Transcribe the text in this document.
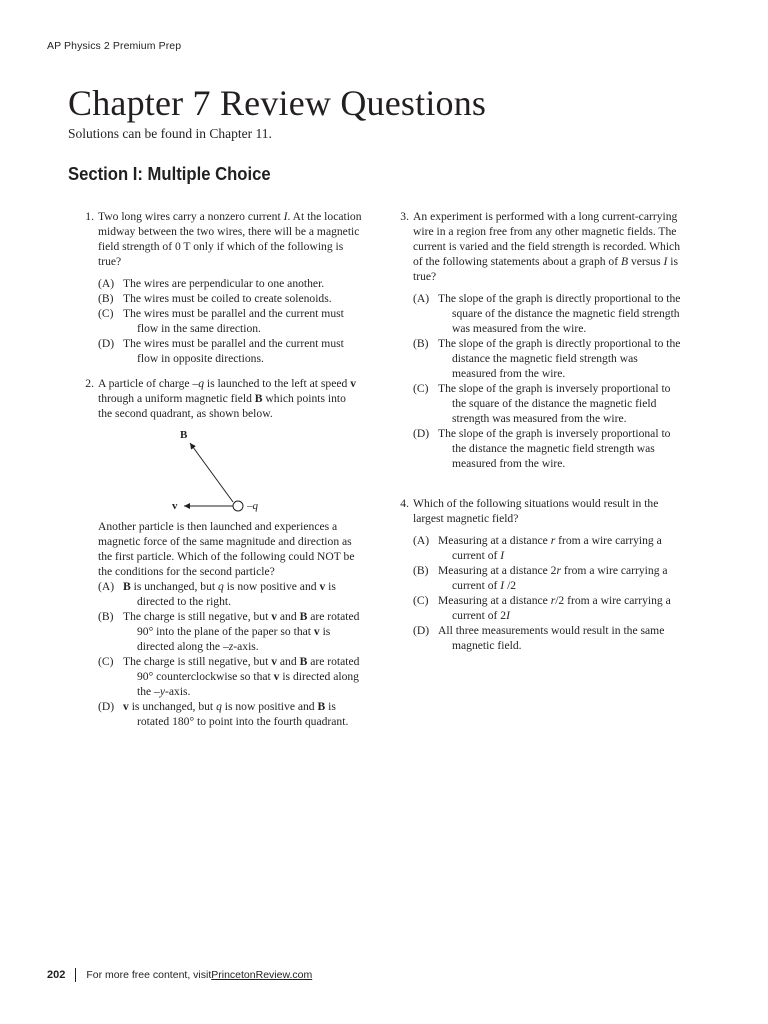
AP Physics 2 Premium Prep
Chapter 7 Review Questions
Solutions can be found in Chapter 11.
Section I: Multiple Choice
1. Two long wires carry a nonzero current I. At the location midway between the two wires, there will be a magnetic field strength of 0 T only if which of the following is true?
(A) The wires are perpendicular to one another.
(B) The wires must be coiled to create solenoids.
(C) The wires must be parallel and the current must flow in the same direction.
(D) The wires must be parallel and the current must flow in opposite directions.
2. A particle of charge –q is launched to the left at speed v through a uniform magnetic field B which points into the second quadrant, as shown below.
B
v	–q
Another particle is then launched and experiences a magnetic force of the same magnitude and direction as the first particle. Which of the following could NOT be the conditions for the second particle?
(A) B is unchanged, but q is now positive and v is directed to the right.
(B) The charge is still negative, but v and B are rotated 90° into the plane of the paper so that v is directed along the –z-axis.
(C) The charge is still negative, but v and B are rotated 90° counterclockwise so that v is directed along the –y-axis.
(D) v is unchanged, but q is now positive and B is rotated 180° to point into the fourth quadrant.
3. An experiment is performed with a long current-carrying wire in a region free from any other magnetic fields. The current is varied and the field strength is recorded. Which of the following statements about a graph of B versus I is true?
(A) The slope of the graph is directly proportional to the square of the distance the magnetic field strength was measured from the wire.
(B) The slope of the graph is directly proportional to the distance the magnetic field strength was measured from the wire.
(C) The slope of the graph is inversely proportional to the square of the distance the magnetic field strength was measured from the wire.
(D) The slope of the graph is inversely proportional to the distance the magnetic field strength was measured from the wire.
4. Which of the following situations would result in the largest magnetic field?
(A) Measuring at a distance r from a wire carrying a current of I
(B) Measuring at a distance 2r from a wire carrying a current of I /2
(C) Measuring at a distance r/2 from a wire carrying a current of 2I
(D) All three measurements would result in the same magnetic field.
202 For more free content, visit PrincetonReview.com
